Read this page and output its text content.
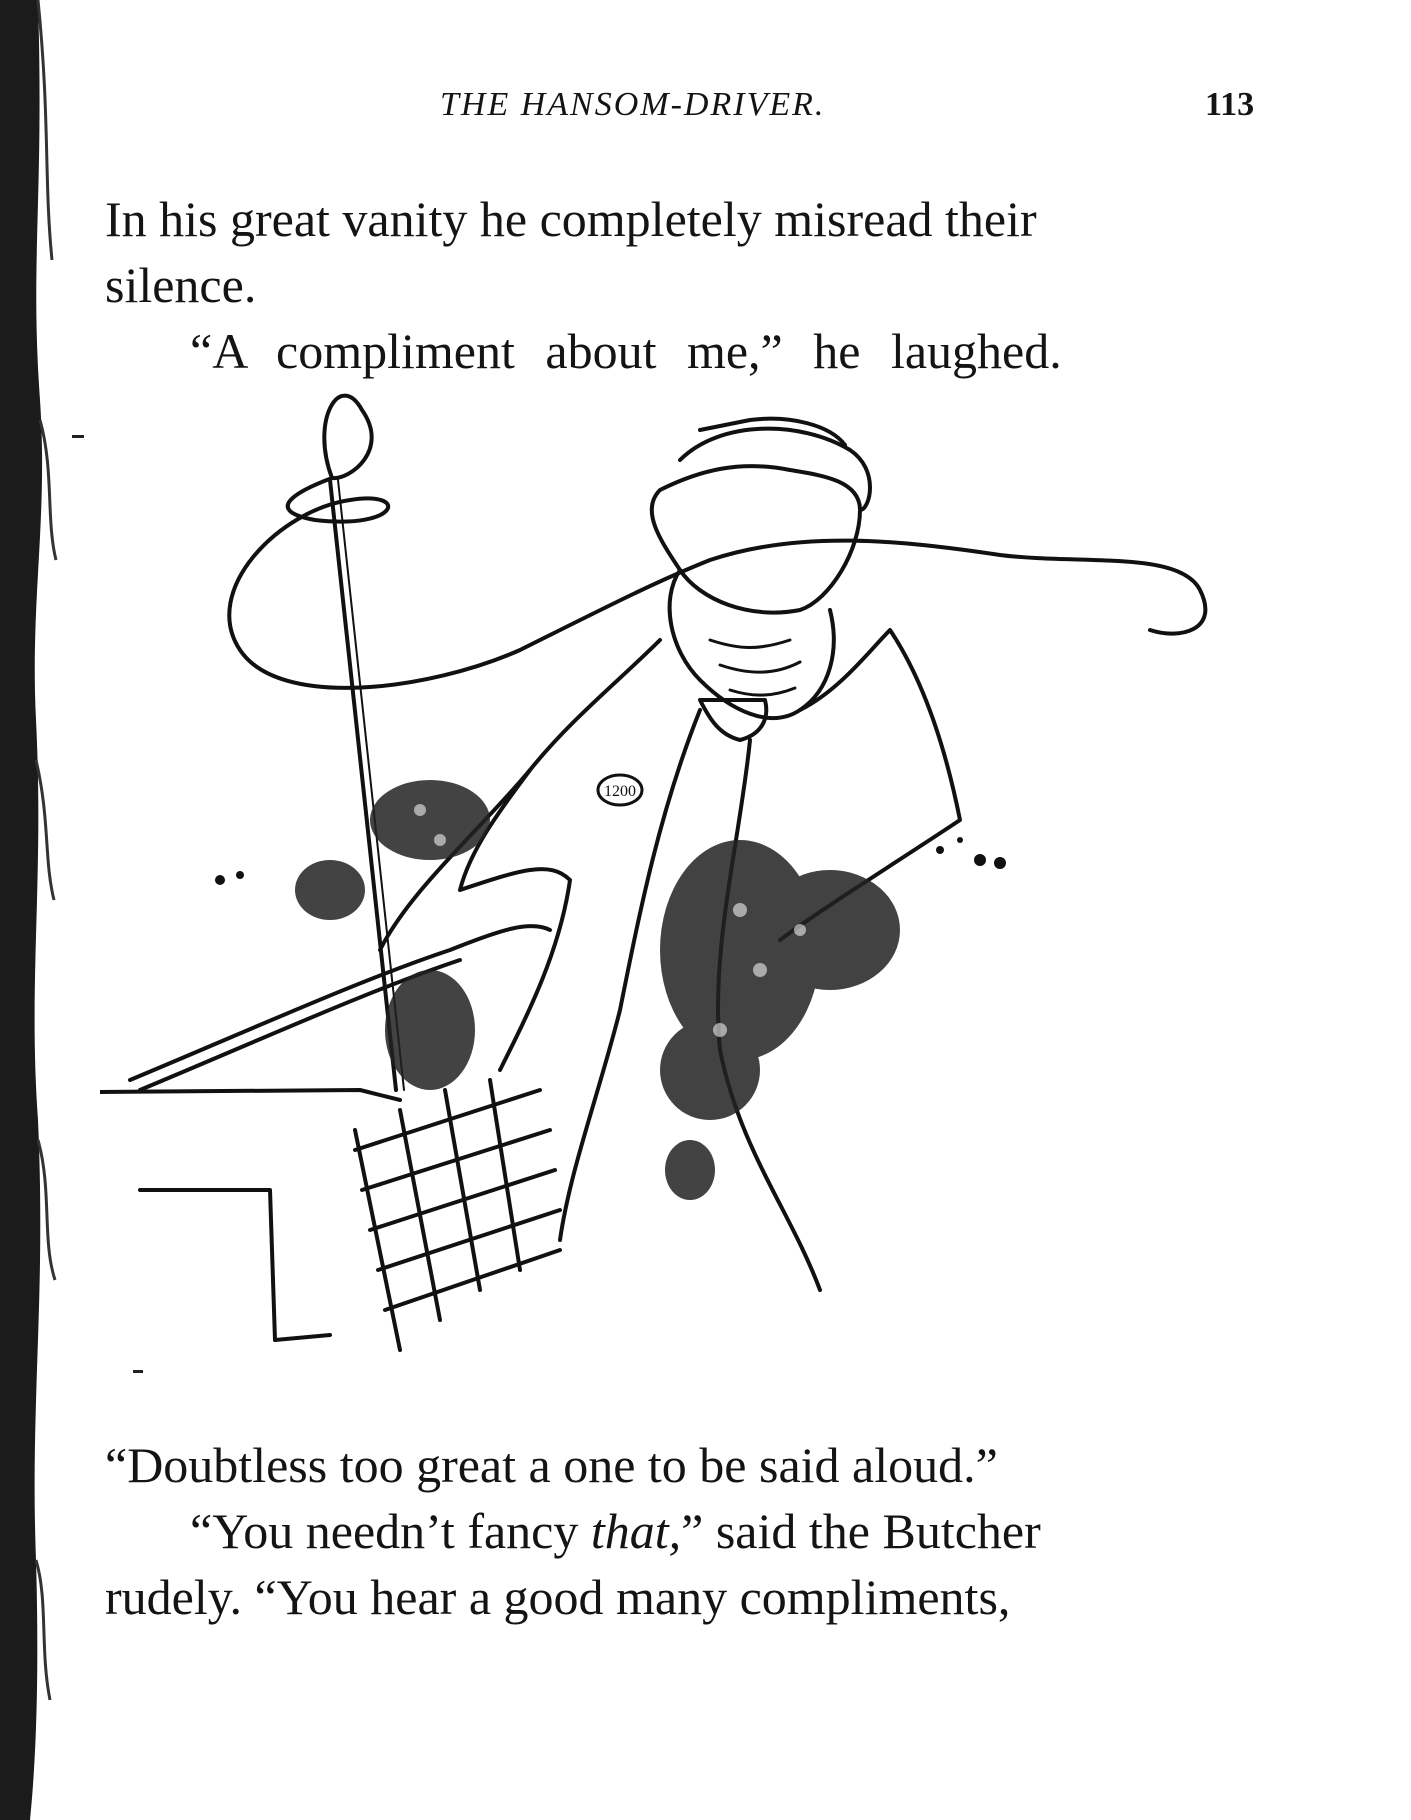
THE HANSOM-DRIVER.	113
In his great vanity he completely misread their
silence.
“A compliment about me,” he laughed.
1200
“Doubtless too great a one to be said aloud.”
“You needn’t fancy that,” said the Butcher
rudely. “You hear a good many compliments,
